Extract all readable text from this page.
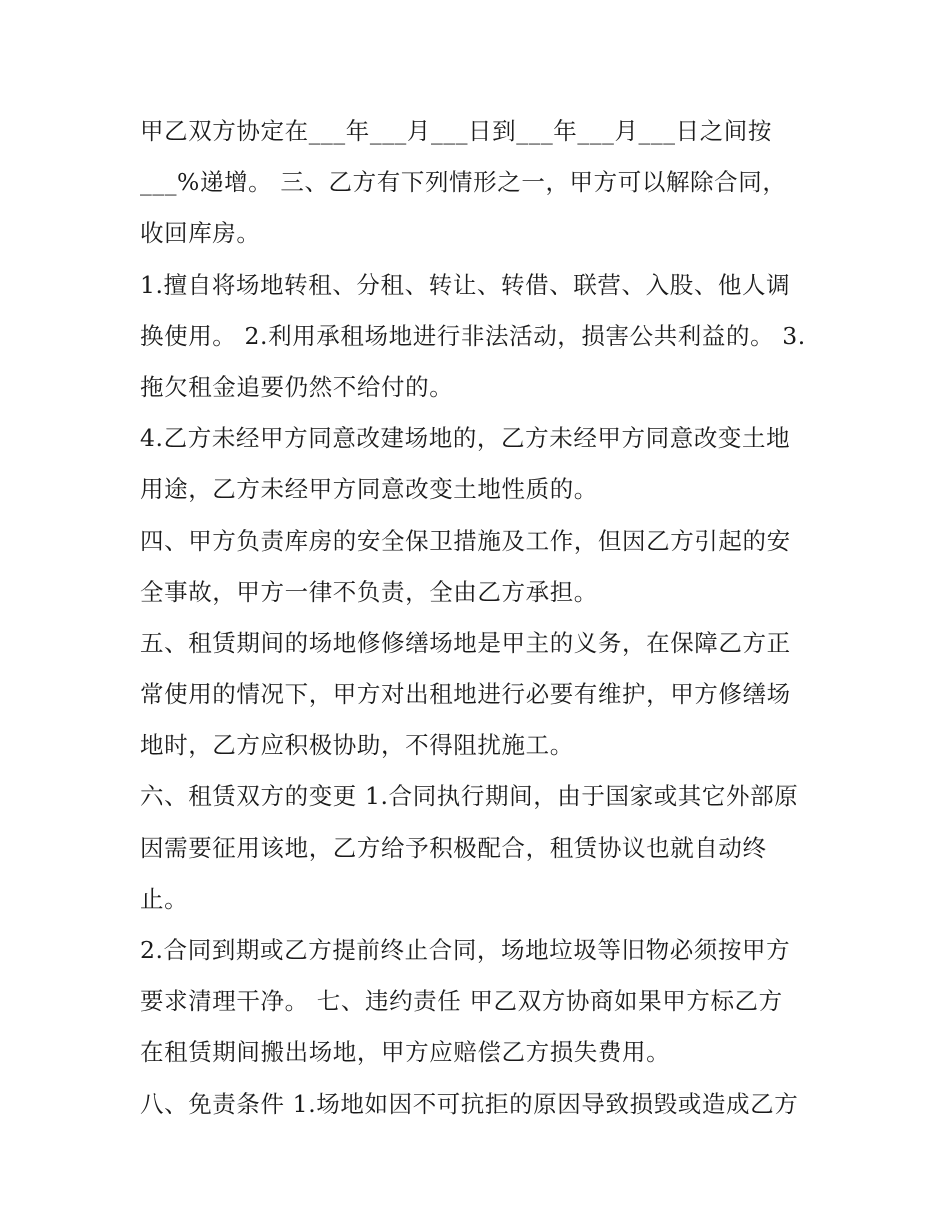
甲乙双方协定在___年___月___日到___年___月___日之间按
___%递增。 三、乙方有下列情形之一，甲方可以解除合同，
收回库房。
1.擅自将场地转租、分租、转让、转借、联营、入股、他人调
换使用。 2.利用承租场地进行非法活动，损害公共利益的。 3.
拖欠租金追要仍然不给付的。
4.乙方未经甲方同意改建场地的，乙方未经甲方同意改变土地
用途，乙方未经甲方同意改变土地性质的。
四、甲方负责库房的安全保卫措施及工作，但因乙方引起的安
全事故，甲方一律不负责，全由乙方承担。
五、租赁期间的场地修修缮场地是甲主的义务，在保障乙方正
常使用的情况下，甲方对出租地进行必要有维护，甲方修缮场
地时，乙方应积极协助，不得阻扰施工。
六、租赁双方的变更 1.合同执行期间，由于国家或其它外部原
因需要征用该地，乙方给予积极配合，租赁协议也就自动终
止。
2.合同到期或乙方提前终止合同，场地垃圾等旧物必须按甲方
要求清理干净。 七、违约责任 甲乙双方协商如果甲方标乙方
在租赁期间搬出场地，甲方应赔偿乙方损失费用。
八、免责条件 1.场地如因不可抗拒的原因导致损毁或造成乙方
